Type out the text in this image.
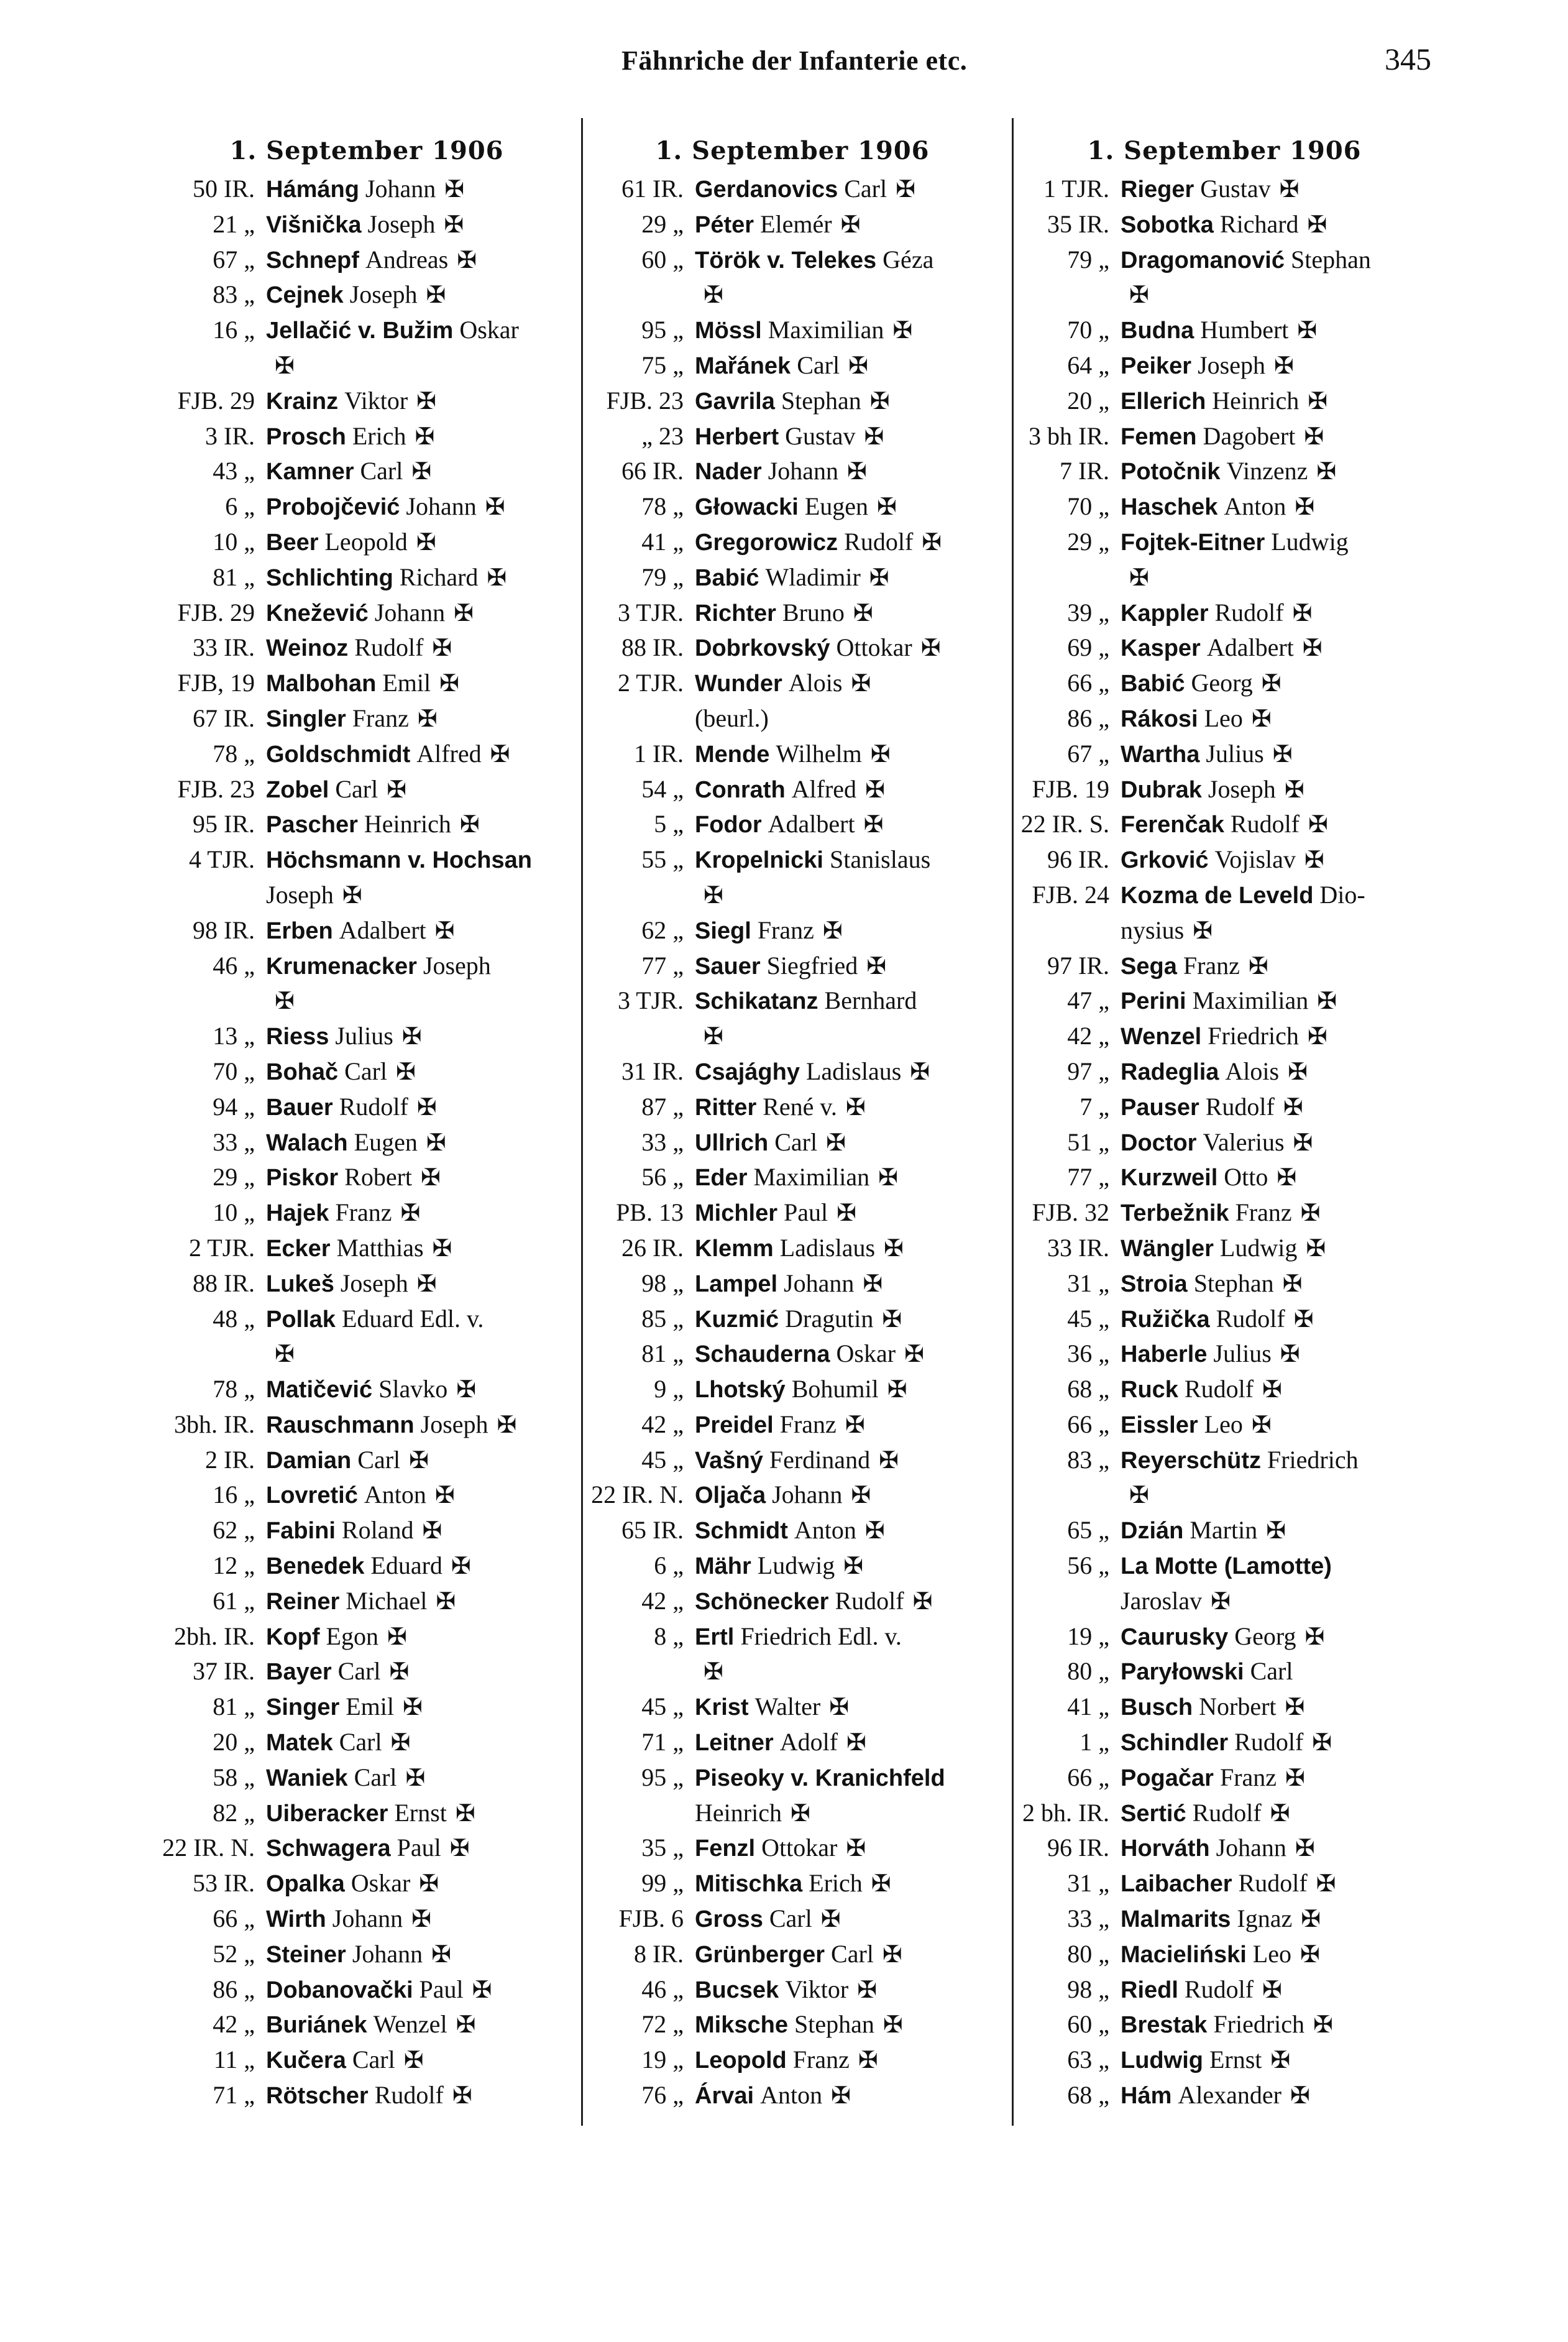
Fähnriche der Infanterie etc.	345
1. September 1906
50 IR. Hámáng Johann ✠
21 „ Višnička Joseph ✠
67 „ Schnepf Andreas ✠
83 „ Cejnek Joseph ✠
16 „ Jellačić v. Bužim Oskar
✠
FJB. 29 Krainz Viktor ✠
3 IR. Prosch Erich ✠
43 „ Kamner Carl ✠
6 „ Probojčević Johann ✠
10 „ Beer Leopold ✠
81 „ Schlichting Richard ✠
FJB. 29 Knežević Johann ✠
33 IR. Weinoz Rudolf ✠
FJB, 19 Malbohan Emil ✠
67 IR. Singler Franz ✠
78 „ Goldschmidt Alfred ✠
FJB. 23 Zobel Carl ✠
95 IR. Pascher Heinrich ✠
4 TJR. Höchsmann v. Hochsan
Joseph ✠
98 IR. Erben Adalbert ✠
46 „ Krumenacker Joseph
✠
13 „ Riess Julius ✠
70 „ Bohač Carl ✠
94 „ Bauer Rudolf ✠
33 „ Walach Eugen ✠
29 „ Piskor Robert ✠
10 „ Hajek Franz ✠
2 TJR. Ecker Matthias ✠
88 IR. Lukeš Joseph ✠
48 „ Pollak Eduard Edl. v.
✠
78 „ Matičević Slavko ✠
3bh. IR. Rauschmann Joseph ✠
2 IR. Damian Carl ✠
16 „ Lovretić Anton ✠
62 „ Fabini Roland ✠
12 „ Benedek Eduard ✠
61 „ Reiner Michael ✠
2bh. IR. Kopf Egon ✠
37 IR. Bayer Carl ✠
81 „ Singer Emil ✠
20 „ Matek Carl ✠
58 „ Waniek Carl ✠
82 „ Uiberacker Ernst ✠
22 IR. N. Schwagera Paul ✠
53 IR. Opalka Oskar ✠
66 „ Wirth Johann ✠
52 „ Steiner Johann ✠
86 „ Dobanovački Paul ✠
42 „ Buriánek Wenzel ✠
11 „ Kučera Carl ✠
71 „ Rötscher Rudolf ✠
1. September 1906
61 IR. Gerdanovics Carl ✠
29 „ Péter Elemér ✠
60 „ Török v. Telekes Géza
✠
95 „ Mössl Maximilian ✠
75 „ Mařánek Carl ✠
FJB. 23 Gavrila Stephan ✠
„ 23 Herbert Gustav ✠
66 IR. Nader Johann ✠
78 „ Głowacki Eugen ✠
41 „ Gregorowicz Rudolf ✠
79 „ Babić Wladimir ✠
3 TJR. Richter Bruno ✠
88 IR. Dobrkovský Ottokar ✠
2 TJR. Wunder Alois ✠
(beurl.)
1 IR. Mende Wilhelm ✠
54 „ Conrath Alfred ✠
5 „ Fodor Adalbert ✠
55 „ Kropelnicki Stanislaus
✠
62 „ Siegl Franz ✠
77 „ Sauer Siegfried ✠
3 TJR. Schikatanz Bernhard
✠
31 IR. Csajághy Ladislaus ✠
87 „ Ritter René v. ✠
33 „ Ullrich Carl ✠
56 „ Eder Maximilian ✠
PB. 13 Michler Paul ✠
26 IR. Klemm Ladislaus ✠
98 „ Lampel Johann ✠
85 „ Kuzmić Dragutin ✠
81 „ Schauderna Oskar ✠
9 „ Lhotský Bohumil ✠
42 „ Preidel Franz ✠
45 „ Vašný Ferdinand ✠
22 IR. N. Oljača Johann ✠
65 IR. Schmidt Anton ✠
6 „ Mähr Ludwig ✠
42 „ Schönecker Rudolf ✠
8 „ Ertl Friedrich Edl. v.
✠
45 „ Krist Walter ✠
71 „ Leitner Adolf ✠
95 „ Piseoky v. Kranichfeld
Heinrich ✠
35 „ Fenzl Ottokar ✠
99 „ Mitischka Erich ✠
FJB. 6 Gross Carl ✠
8 IR. Grünberger Carl ✠
46 „ Bucsek Viktor ✠
72 „ Miksche Stephan ✠
19 „ Leopold Franz ✠
76 „ Árvai Anton ✠
1. September 1906
1 TJR. Rieger Gustav ✠
35 IR. Sobotka Richard ✠
79 „ Dragomanović Stephan
✠
70 „ Budna Humbert ✠
64 „ Peiker Joseph ✠
20 „ Ellerich Heinrich ✠
3 bh IR. Femen Dagobert ✠
7 IR. Potočnik Vinzenz ✠
70 „ Haschek Anton ✠
29 „ Fojtek-Eitner Ludwig
✠
39 „ Kappler Rudolf ✠
69 „ Kasper Adalbert ✠
66 „ Babić Georg ✠
86 „ Rákosi Leo ✠
67 „ Wartha Julius ✠
FJB. 19 Dubrak Joseph ✠
22 IR. S. Ferenčak Rudolf ✠
96 IR. Grković Vojislav ✠
FJB. 24 Kozma de Leveld Dio-
nysius ✠
97 IR. Sega Franz ✠
47 „ Perini Maximilian ✠
42 „ Wenzel Friedrich ✠
97 „ Radeglia Alois ✠
7 „ Pauser Rudolf ✠
51 „ Doctor Valerius ✠
77 „ Kurzweil Otto ✠
FJB. 32 Terbežnik Franz ✠
33 IR. Wängler Ludwig ✠
31 „ Stroia Stephan ✠
45 „ Ružička Rudolf ✠
36 „ Haberle Julius ✠
68 „ Ruck Rudolf ✠
66 „ Eissler Leo ✠
83 „ Reyerschütz Friedrich
✠
65 „ Dzián Martin ✠
56 „ La Motte (Lamotte)
Jaroslav ✠
19 „ Caurusky Georg ✠
80 „ Paryłowski Carl
41 „ Busch Norbert ✠
1 „ Schindler Rudolf ✠
66 „ Pogačar Franz ✠
2 bh. IR. Sertić Rudolf ✠
96 IR. Horváth Johann ✠
31 „ Laibacher Rudolf ✠
33 „ Malmarits Ignaz ✠
80 „ Macieliński Leo ✠
98 „ Riedl Rudolf ✠
60 „ Brestak Friedrich ✠
63 „ Ludwig Ernst ✠
68 „ Hám Alexander ✠
